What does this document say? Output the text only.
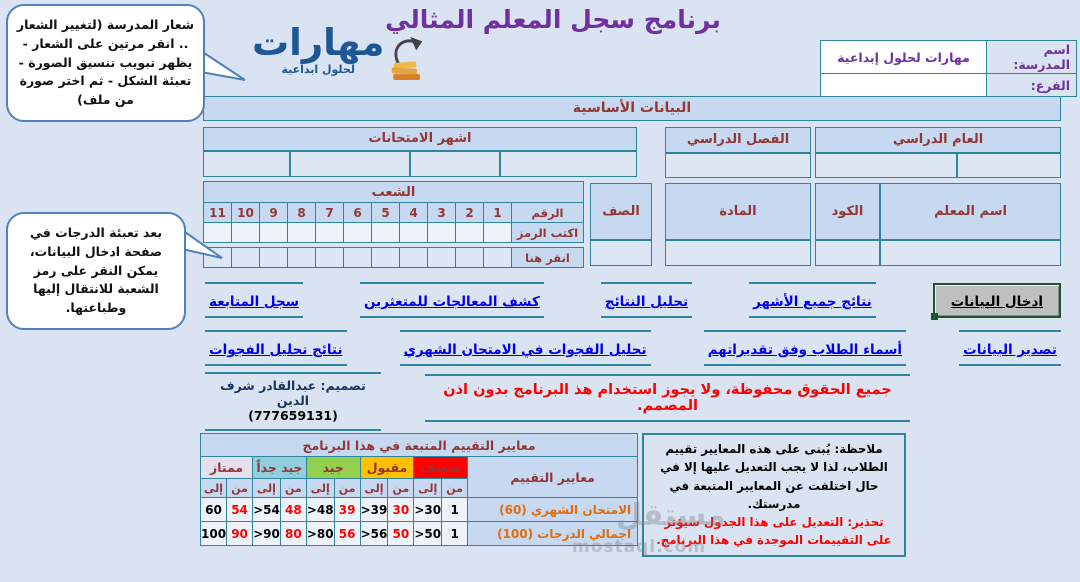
شعار المدرسة (لتغيير الشعار .. انقر مرتين على الشعار - يظهر تبويب تنسيق الصورة - تعبئة الشكل - ثم اختر صورة من ملف)
مهارات
لحلول ابداعية
برنامج سجل المعلم المثالي
اسم المدرسة:	مهارات لحلول إبداعية
الفرع:	
البيانات الأساسية
العام الدراسي
الفصل الدراسي
اشهر الامتحانات
اسم المعلم
الكود
المادة
الصف
الشعب											
الرقم	1	2	3	4	5	6	7	8	9	10	11
اكتب الرمز											
انقر هنا											
بعد تعبئة الدرجات في صفحة ادخال البيانات، يمكن النقر على رمز الشعبة للانتقال إليها وطباعتها.	ادخال البيانات
نتائج جميع الأشهر
تحليل النتائج
كشف المعالجات للمتعثرين
سجل المتابعة
تصدير البيانات
أسماء الطلاب وفق تقديراتهم
تحليل الفجوات في الامتحان الشهري
نتائج تحليل الفجوات
تصميم: عبدالقادر شرف الدين
(777659131)
جميع الحقوق محفوظة، ولا يجوز استخدام هذ البرنامج بدون اذن المصمم.
معايير التقييم المتبعة في هذا البرنامج										
معايير التقييم	ضعيف		مقبول		جيد		جيد جداً		ممتاز	
	من	إلى	من	إلى	من	إلى	من	إلى	من	إلى
الامتحان الشهري (60)	1	>30	30	>39	39	>48	48	>54	54	60
اجمالي الدرجات (100)	1	>50	50	>56	56	>80	80	>90	90	100
ملاحظة: يُبنى على هذه المعايير تقييم الطلاب، لذا لا يجب التعديل عليها إلا في حال اختلفت عن المعايير المتبعة في مدرستك.
تحذير: التعديل على هذا الجدول سيؤثر على التقييمات الموجدة في هذا البرنامج.
مستقل
mostaql.com
